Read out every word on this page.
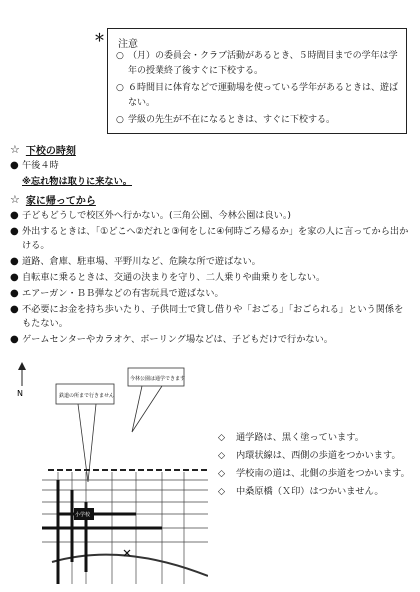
＊
注意
○ （月）の委員会・クラブ活動があるとき、５時間目までの学年は学年の授業終了後すぐに下校する。
○ ６時間目に体育などで運動場を使っている学年があるときは、遊ばない。
○ 学級の先生が不在になるときは、すぐに下校する。
☆ 下校の時刻
● 午後４時
※忘れ物は取りに来ない。
☆ 家に帰ってから
● 子どもどうしで校区外へ行かない。(三角公園、今林公園は良い。)
● 外出するときは、「①どこへ②だれと③何をしに④何時ごろ帰るか」を家の人に言ってから出かける。
● 道路、倉庫、駐車場、平野川など、危険な所で遊ばない。
● 自転車に乗るときは、交通の決まりを守り、二人乗りや曲乗りをしない。
● エアーガン・ＢＢ弾などの有害玩具で遊ばない。
● 不必要にお金を持ち歩いたり、子供同士で貸し借りや「おごる」「おごられる」という関係をもたない。
● ゲームセンターやカラオケ、ボーリング場などは、子どもだけで行かない。
N	鉄道の所まで行きません
今林公園は通学できます
小学校
◇	通学路は、黒く塗っています。
◇	内環状線は、西側の歩道をつかいます。
◇	学校南の道は、北側の歩道をつかいます。
◇	中桑原橋（Ｘ印）はつかいません。
